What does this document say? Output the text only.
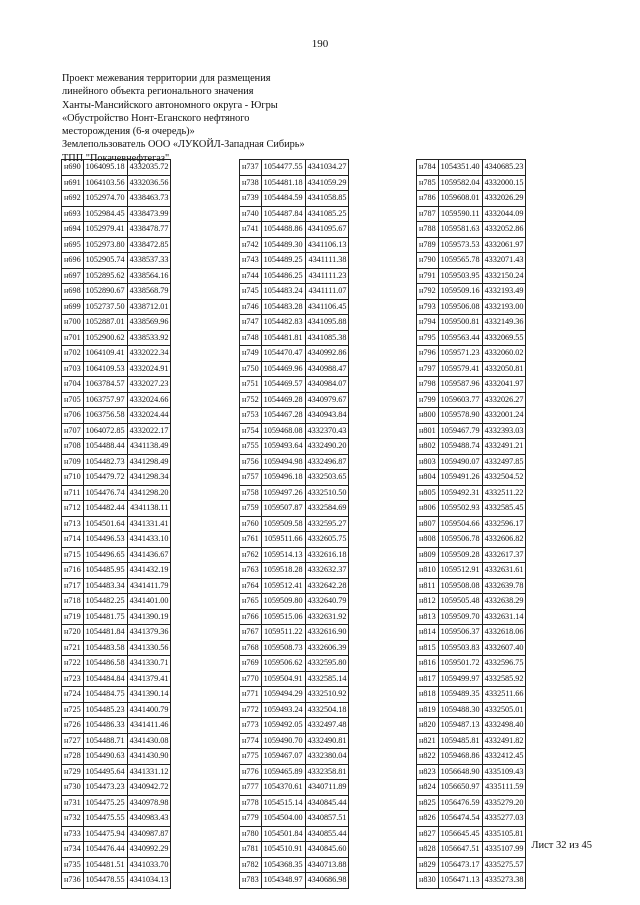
190
Проект межевания территории для размещения
линейного объекта регионального значения
Ханты-Мансийского автономного округа - Югры
«Обустройство Нонт-Еганского нефтяного
месторождения (6-я очередь)»
Землепользователь ООО «ЛУКОЙЛ-Западная Сибирь»
ТПП "Покачевнефтегаз"
н690	1064095.18	4332035.72
н691	1064103.56	4332036.56
н692	1052974.70	4338463.73
н693	1052984.45	4338473.99
н694	1052979.41	4338478.77
н695	1052973.80	4338472.85
н696	1052905.74	4338537.33
н697	1052895.62	4338564.16
н698	1052890.67	4338568.79
н699	1052737.50	4338712.01
н700	1052887.01	4338569.96
н701	1052900.62	4338533.92
н702	1064109.41	4332022.34
н703	1064109.53	4332024.91
н704	1063784.57	4332027.23
н705	1063757.97	4332024.66
н706	1063756.58	4332024.44
н707	1064072.85	4332022.17
н708	1054488.44	4341138.49
н709	1054482.73	4341298.49
н710	1054479.72	4341298.34
н711	1054476.74	4341298.20
н712	1054482.44	4341138.11
н713	1054501.64	4341331.41
н714	1054496.53	4341433.10
н715	1054496.65	4341436.67
н716	1054485.95	4341432.19
н717	1054483.34	4341411.79
н718	1054482.25	4341401.00
н719	1054481.75	4341390.19
н720	1054481.84	4341379.36
н721	1054483.58	4341330.56
н722	1054486.58	4341330.71
н723	1054484.84	4341379.41
н724	1054484.75	4341390.14
н725	1054485.23	4341400.79
н726	1054486.33	4341411.46
н727	1054488.71	4341430.08
н728	1054490.63	4341430.90
н729	1054495.64	4341331.12
н730	1054473.23	4340942.72
н731	1054475.25	4340978.98
н732	1054475.55	4340983.43
н733	1054475.94	4340987.87
н734	1054476.44	4340992.29
н735	1054481.51	4341033.70
н736	1054478.55	4341034.13
н737	1054477.55	4341034.27
н738	1054481.18	4341059.29
н739	1054484.59	4341058.85
н740	1054487.84	4341085.25
н741	1054488.86	4341095.67
н742	1054489.30	4341106.13
н743	1054489.25	4341111.38
н744	1054486.25	4341111.23
н745	1054483.24	4341111.07
н746	1054483.28	4341106.45
н747	1054482.83	4341095.88
н748	1054481.81	4341085.38
н749	1054470.47	4340992.86
н750	1054469.96	4340988.47
н751	1054469.57	4340984.07
н752	1054469.28	4340979.67
н753	1054467.28	4340943.84
н754	1059468.08	4332370.43
н755	1059493.64	4332490.20
н756	1059494.98	4332496.87
н757	1059496.18	4332503.65
н758	1059497.26	4332510.50
н759	1059507.87	4332584.69
н760	1059509.58	4332595.27
н761	1059511.66	4332605.75
н762	1059514.13	4332616.18
н763	1059518.28	4332632.37
н764	1059512.41	4332642.28
н765	1059509.80	4332640.79
н766	1059515.06	4332631.92
н767	1059511.22	4332616.90
н768	1059508.73	4332606.39
н769	1059506.62	4332595.80
н770	1059504.91	4332585.14
н771	1059494.29	4332510.92
н772	1059493.24	4332504.18
н773	1059492.05	4332497.48
н774	1059490.70	4332490.81
н775	1059467.07	4332380.04
н776	1059465.89	4332358.81
н777	1054370.61	4340711.89
н778	1054515.14	4340845.44
н779	1054504.00	4340857.51
н780	1054501.84	4340855.44
н781	1054510.91	4340845.60
н782	1054368.35	4340713.88
н783	1054348.97	4340686.98
н784	1054351.40	4340685.23
н785	1059582.04	4332000.15
н786	1059608.01	4332026.29
н787	1059590.11	4332044.09
н788	1059581.63	4332052.86
н789	1059573.53	4332061.97
н790	1059565.78	4332071.43
н791	1059503.95	4332150.24
н792	1059509.16	4332193.49
н793	1059506.08	4332193.00
н794	1059500.81	4332149.36
н795	1059563.44	4332069.55
н796	1059571.23	4332060.02
н797	1059579.41	4332050.81
н798	1059587.96	4332041.97
н799	1059603.77	4332026.27
н800	1059578.90	4332001.24
н801	1059467.79	4332393.03
н802	1059488.74	4332491.21
н803	1059490.07	4332497.85
н804	1059491.26	4332504.52
н805	1059492.31	4332511.22
н806	1059502.93	4332585.45
н807	1059504.66	4332596.17
н808	1059506.78	4332606.82
н809	1059509.28	4332617.37
н810	1059512.91	4332631.61
н811	1059508.08	4332639.78
н812	1059505.48	4332638.29
н813	1059509.70	4332631.14
н814	1059506.37	4332618.06
н815	1059503.83	4332607.40
н816	1059501.72	4332596.75
н817	1059499.97	4332585.92
н818	1059489.35	4332511.66
н819	1059488.30	4332505.01
н820	1059487.13	4332498.40
н821	1059485.81	4332491.82
н822	1059468.86	4332412.45
н823	1056648.90	4335109.43
н824	1056650.97	4335111.59
н825	1056476.59	4335279.20
н826	1056474.54	4335277.03
н827	1056645.45	4335105.81
н828	1056647.51	4335107.99
н829	1056473.17	4335275.57
н830	1056471.13	4335273.38
Лист 32 из 45
